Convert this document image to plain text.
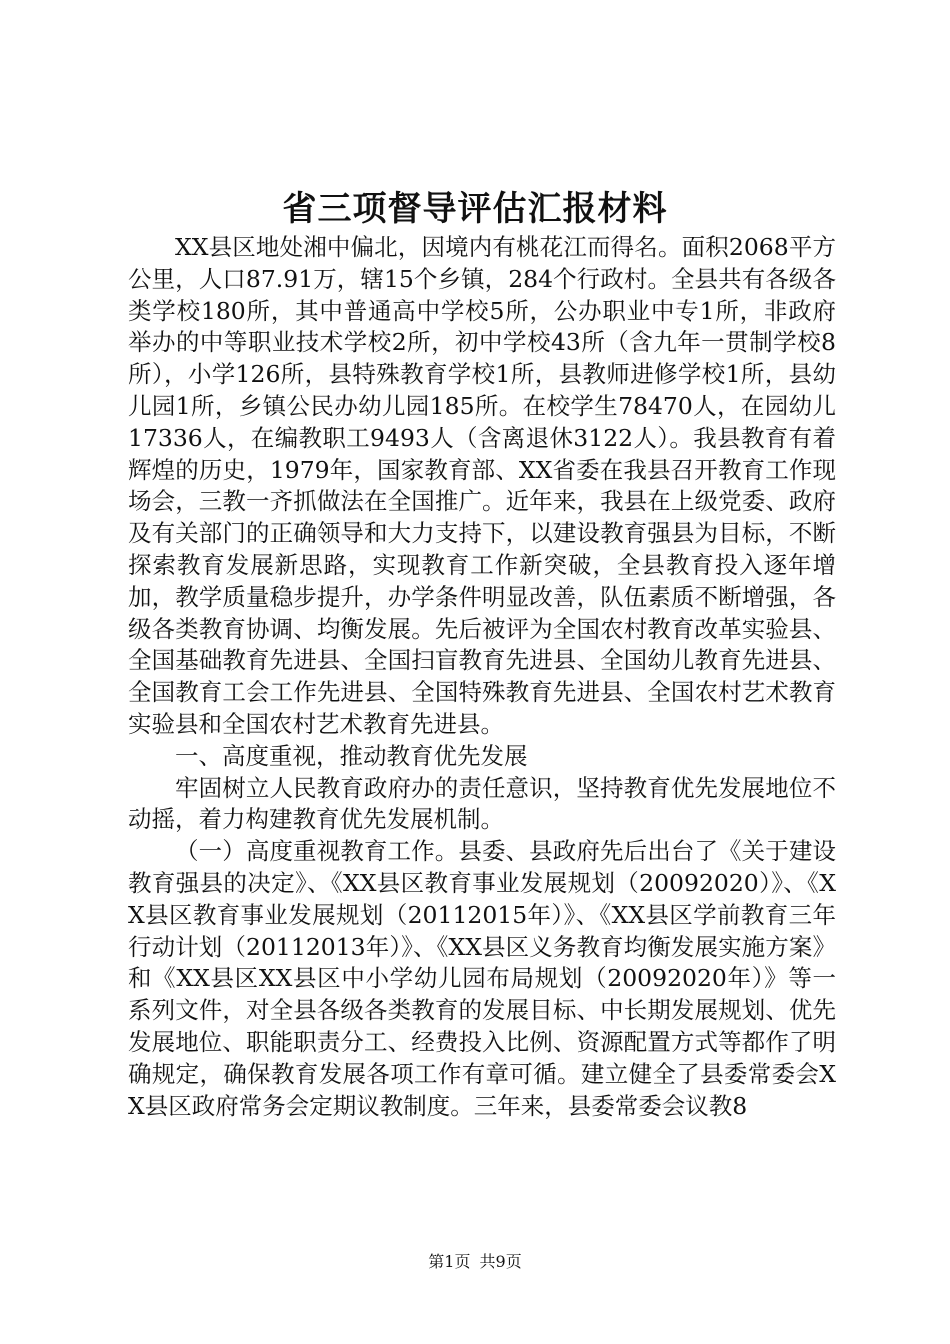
省三项督导评估汇报材料

XX县区地处湘中偏北，因境内有桃花江而得名。面积2068平方公里，人口87.91万，辖15个乡镇，284个行政村。全县共有各级各类学校180所，其中普通高中学校5所，公办职业中专1所，非政府举办的中等职业技术学校2所，初中学校43所（含九年一贯制学校8所），小学126所，县特殊教育学校1所，县教师进修学校1所，县幼儿园1所，乡镇公民办幼儿园185所。在校学生78470人，在园幼儿17336人，在编教职工9493人（含离退休3122人）。我县教育有着辉煌的历史，1979年，国家教育部、XX省委在我县召开教育工作现场会，三教一齐抓做法在全国推广。近年来，我县在上级党委、政府及有关部门的正确领导和大力支持下，以建设教育强县为目标，不断探索教育发展新思路，实现教育工作新突破，全县教育投入逐年增加，教学质量稳步提升，办学条件明显改善，队伍素质不断增强，各级各类教育协调、均衡发展。先后被评为全国农村教育改革实验县、全国基础教育先进县、全国扫盲教育先进县、全国幼儿教育先进县、全国教育工会工作先进县、全国特殊教育先进县、全国农村艺术教育实验县和全国农村艺术教育先进县。

一、高度重视，推动教育优先发展

牢固树立人民教育政府办的责任意识，坚持教育优先发展地位不动摇，着力构建教育优先发展机制。

（一）高度重视教育工作。县委、县政府先后出台了《关于建设教育强县的决定》、《XX县区教育事业发展规划（20092020）》、《XX县区教育事业发展规划（20112015年）》、《XX县区学前教育三年行动计划（20112013年）》、《XX县区义务教育均衡发展实施方案》和《XX县区XX县区中小学幼儿园布局规划（20092020年）》等一系列文件，对全县各级各类教育的发展目标、中长期发展规划、优先发展地位、职能职责分工、经费投入比例、资源配置方式等都作了明确规定，确保教育发展各项工作有章可循。建立健全了县委常委会XX县区政府常务会定期议教制度。三年来，县委常委会议教8

第1页 共9页
